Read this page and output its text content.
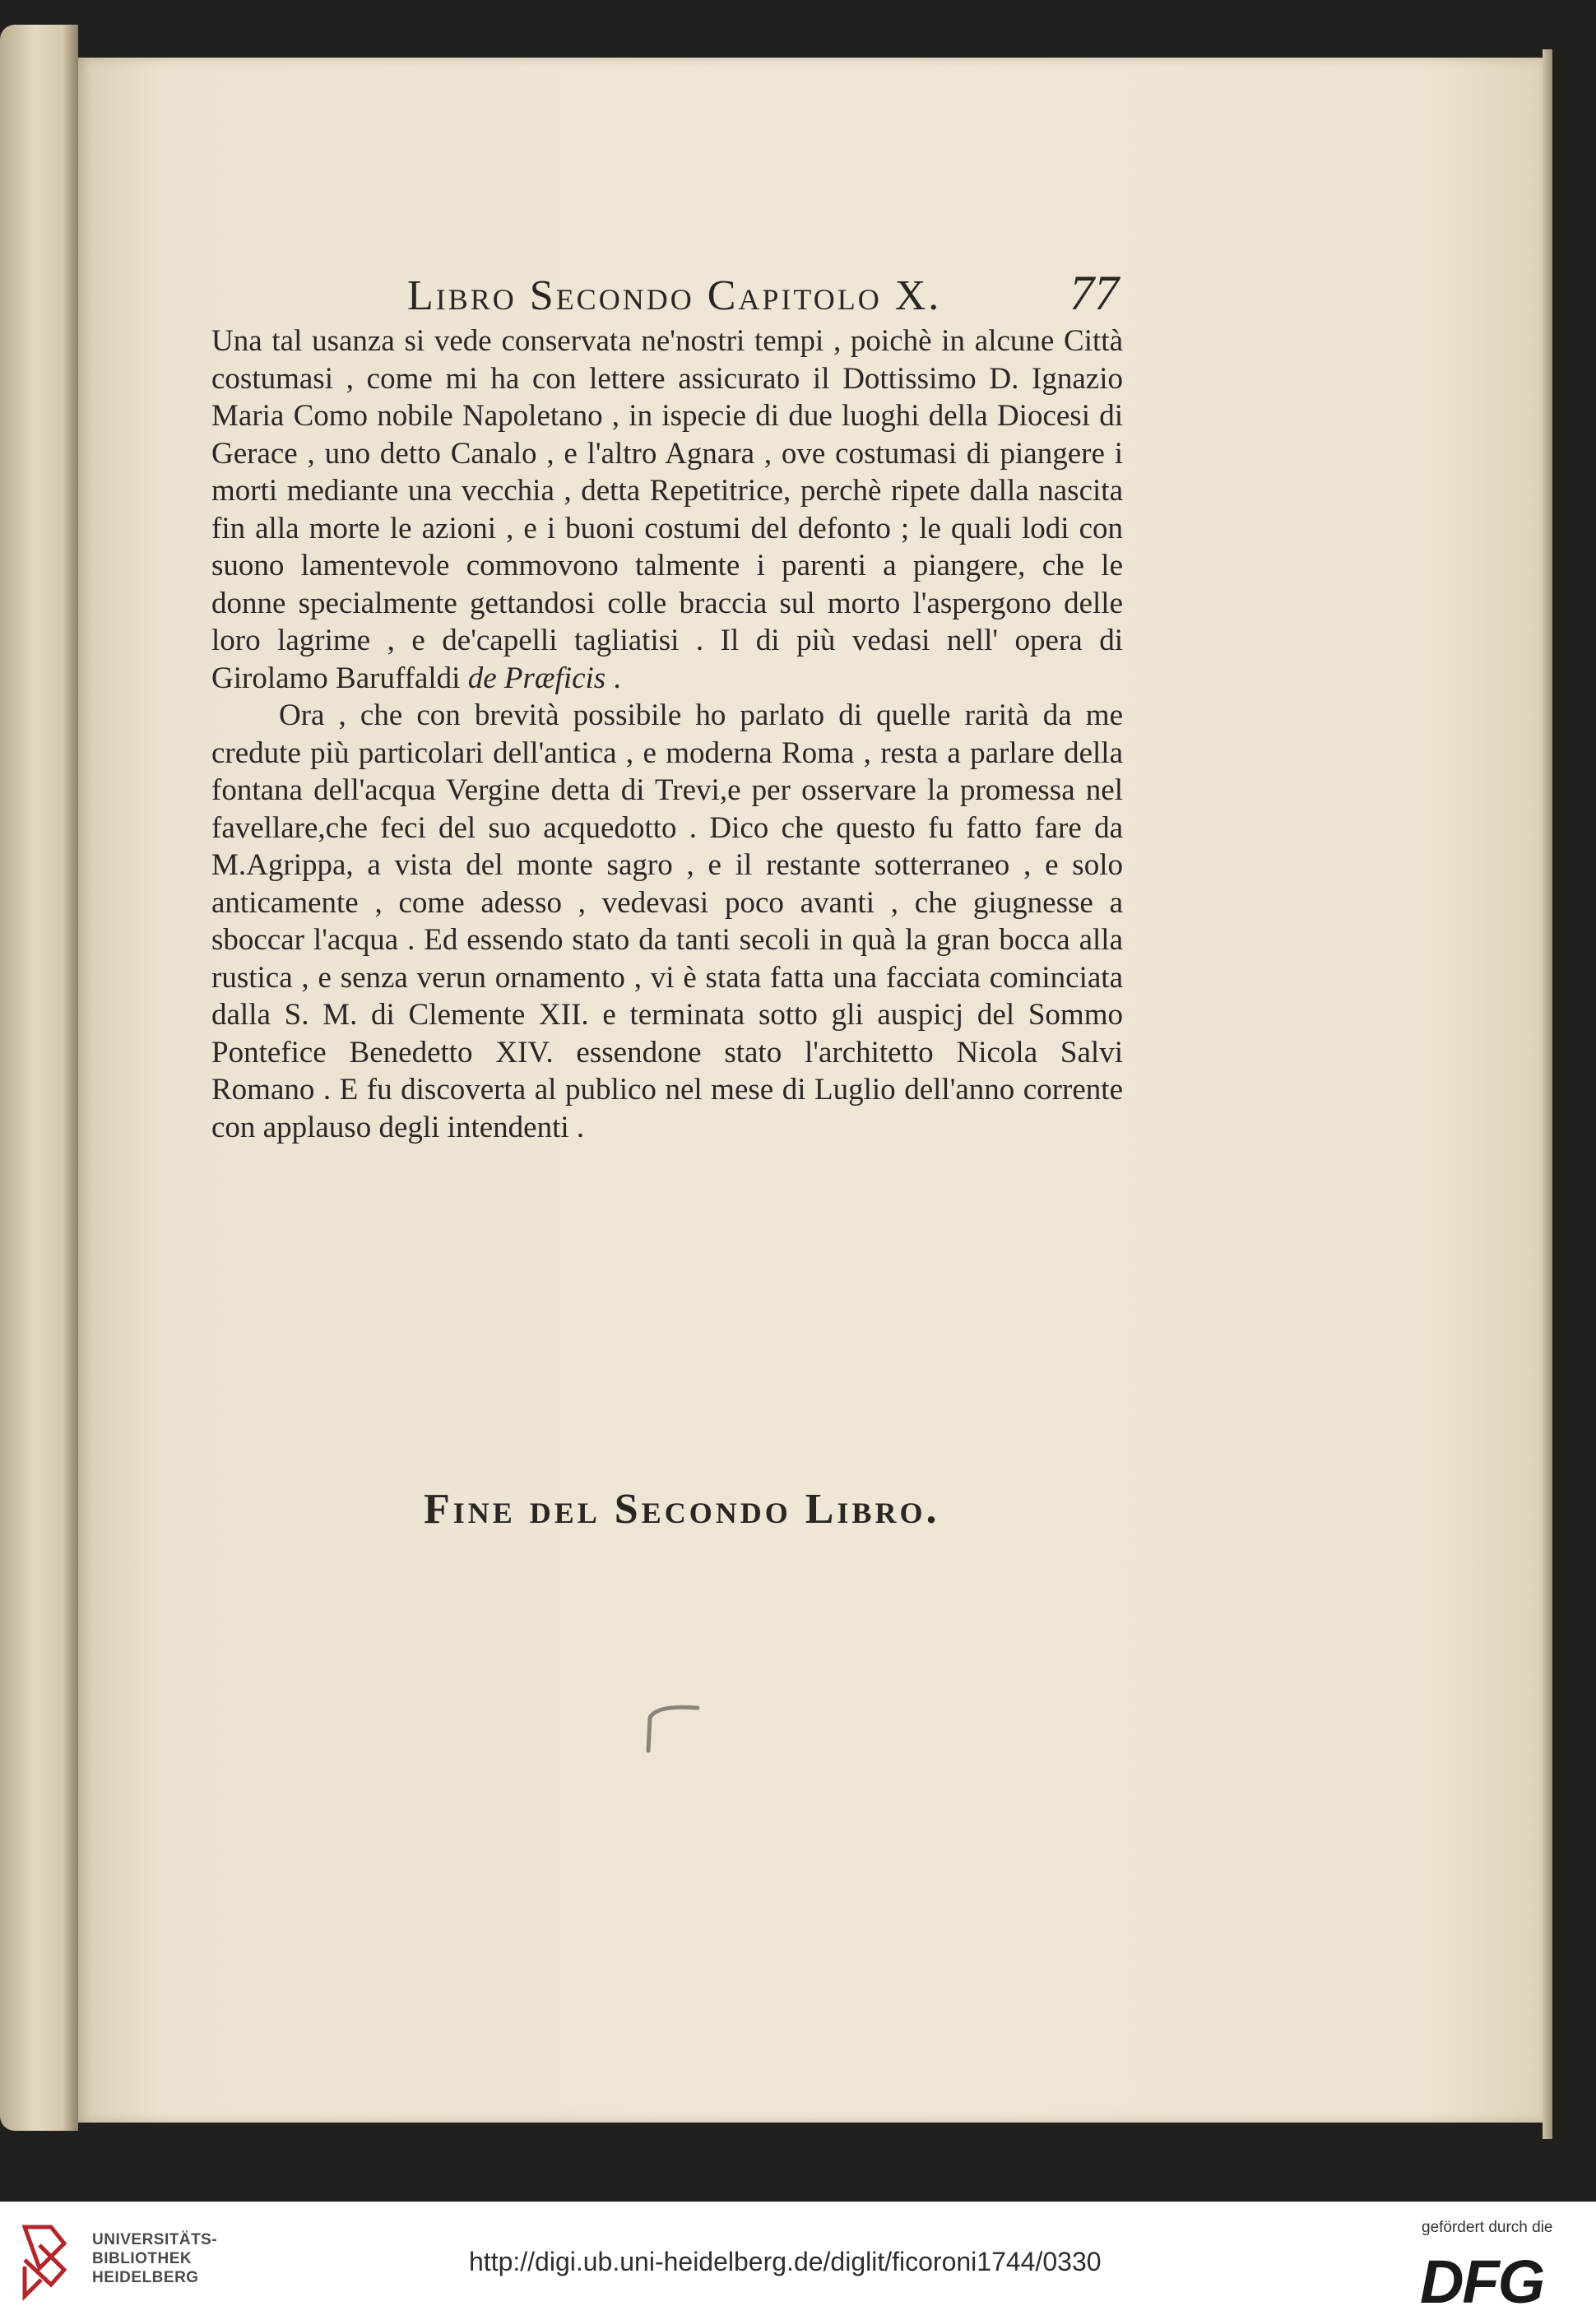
Libro Secondo Capitolo X.	77

Una tal usanza si vede conservata ne'nostri tempi , poichè in alcune Città costumasi , come mi ha con lettere assicurato il Dottissimo D. Ignazio Maria Como nobile Napoletano , in ispecie di due luoghi della Diocesi di Gerace , uno detto Canalo , e l'altro Agnara , ove costumasi di piangere i morti mediante una vecchia , detta Repetitrice, perchè ripete dalla nascita fin alla morte le azioni , e i buoni costumi del defonto ; le quali lodi con suono lamentevole commovono talmente i parenti a piangere, che le donne specialmente gettandosi colle braccia sul morto l'aspergono delle loro lagrime , e de'capelli tagliatisi . Il di più vedasi nell' opera di Girolamo Baruffaldi de Præficis .

Ora , che con brevità possibile ho parlato di quelle rarità da me credute più particolari dell'antica , e moderna Roma , resta a parlare della fontana dell'acqua Vergine detta di Trevi,e per osservare la promessa nel favellare,che feci del suo acquedotto . Dico che questo fu fatto fare da M.Agrippa, a vista del monte sagro , e il restante sotterraneo , e solo anticamente , come adesso , vedevasi poco avanti , che giugnesse a sboccar l'acqua . Ed essendo stato da tanti secoli in quà la gran bocca alla rustica , e senza verun ornamento , vi è stata fatta una facciata cominciata dalla S. M. di Clemente XII. e terminata sotto gli auspicj del Sommo Pontefice Benedetto XIV. essendone stato l'architetto Nicola Salvi Romano . E fu discoverta al publico nel mese di Luglio dell'anno corrente con applauso degli intendenti .

Fine del Secondo Libro.
UNIVERSITÄTS-
BIBLIOTHEK
HEIDELBERG
http://digi.ub.uni-heidelberg.de/diglit/ficoroni1744/0330
gefördert durch die
DFG
